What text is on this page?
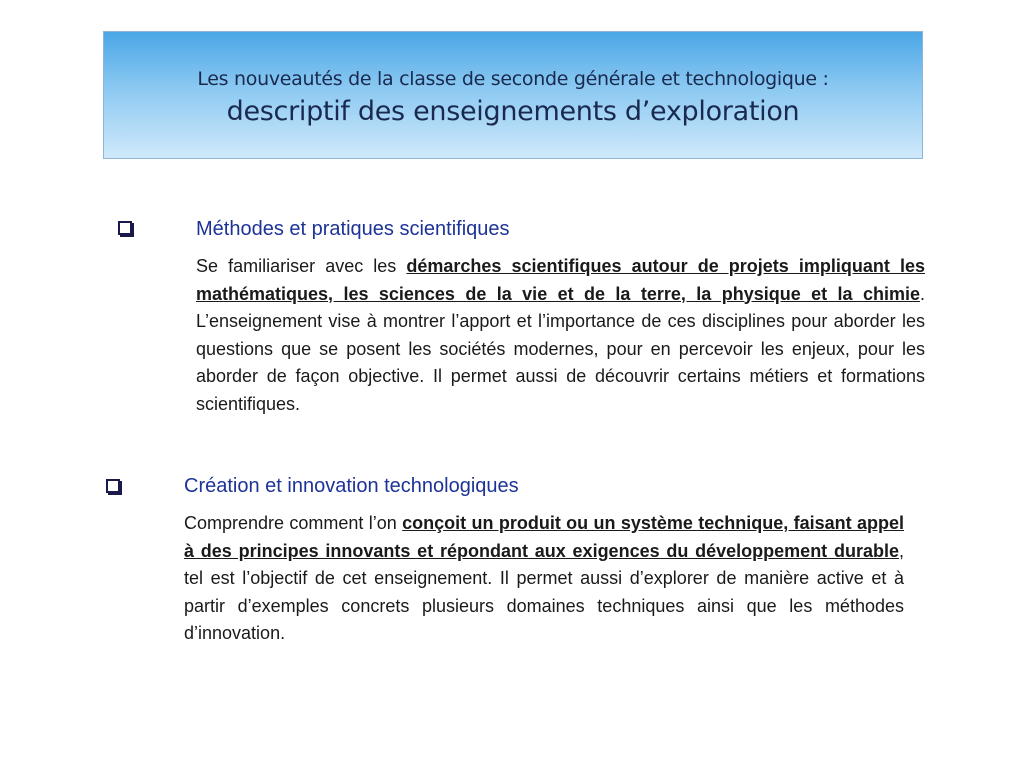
Les nouveautés de la classe de seconde générale et technologique :
descriptif des enseignements d’exploration
Méthodes et pratiques scientifiques
Se familiariser avec les démarches scientifiques autour de projets impliquant les mathématiques, les sciences de la vie et de la terre, la physique et la chimie. L’enseignement vise à montrer l’apport et l’importance de ces disciplines pour aborder les questions que se posent les sociétés modernes, pour en percevoir les enjeux, pour les aborder de façon objective. Il permet aussi de découvrir certains métiers et formations scientifiques.
Création et innovation technologiques
Comprendre comment l’on conçoit un produit ou un système technique, faisant appel à des principes innovants et répondant aux exigences du développement durable, tel est l’objectif de cet enseignement. Il permet aussi d’explorer de manière active et à partir d’exemples concrets plusieurs domaines techniques ainsi que les méthodes d’innovation.
